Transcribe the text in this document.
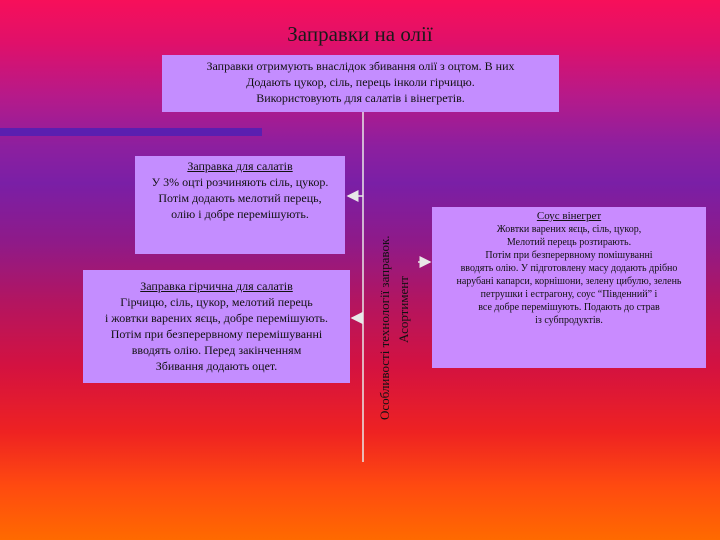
Заправки на олії
Заправки отримують внаслідок збивання олії з оцтом. В них
Додають цукор, сіль, перець інколи гірчицю.
Використовують для салатів і вінегретів.
Заправка для салатів
У 3% оцті розчиняють сіль, цукор.
Потім додають мелотий перець,
олію і добре перемішують.
Заправка гірчична для салатів
Гірчицю, сіль, цукор, мелотий перець
і жовтки варених яєць, добре перемішують.
Потім при безперервному перемішуванні
вводять олію. Перед закінченням
Збивання додають оцет.
Соус вінегрет
Жовтки варених яєць, сіль, цукор,
Мелотий перець розтирають.
Потім при безперервному помішуванні
вводять олію. У підготовлену масу додають дрібно
нарубані капарси, корнішони, зелену цибулю, зелень
петрушки і естрагону, соус “Південний” і
все добре перемішують. Подають до страв
із субпродуктів.
Особливості технології заправок. Асортимент
